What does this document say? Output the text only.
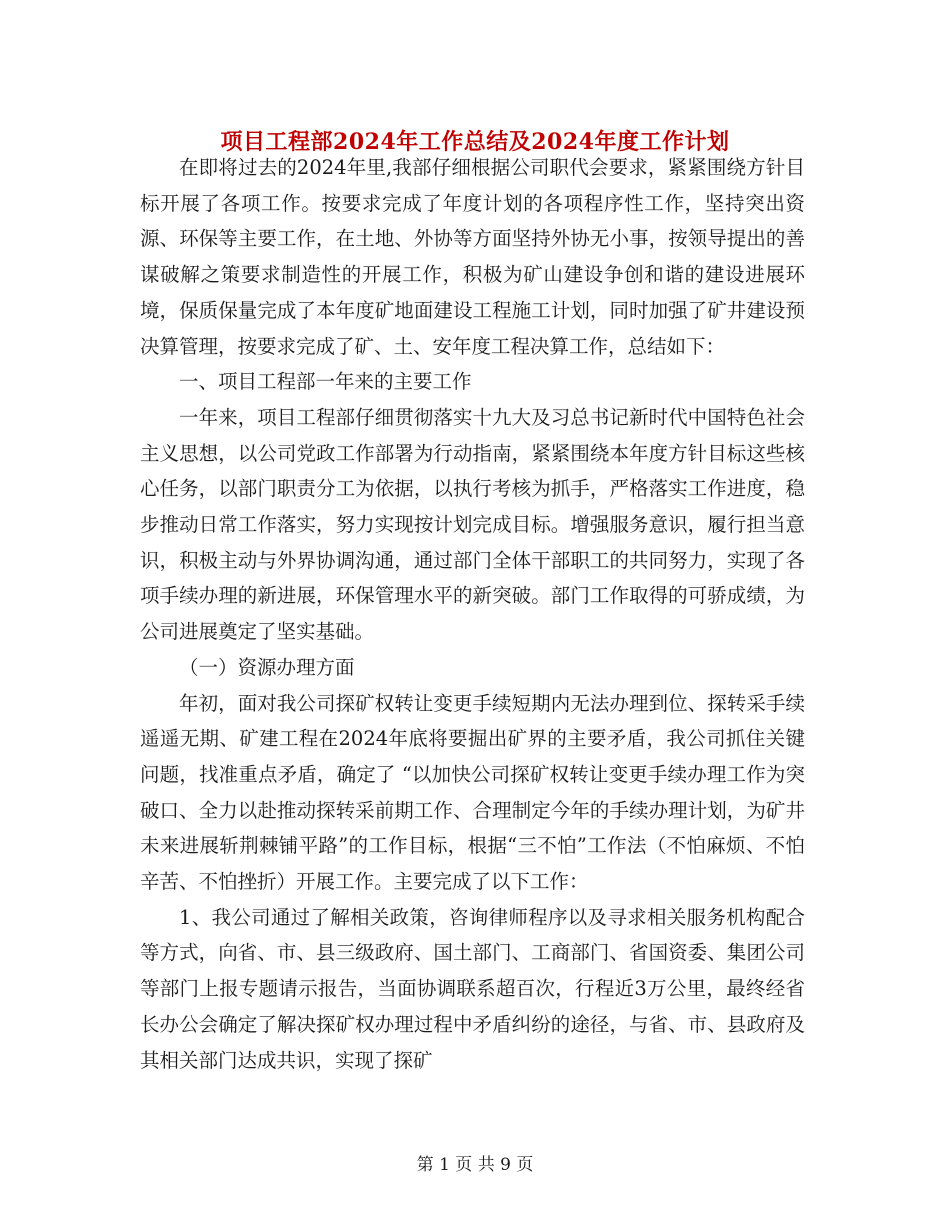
项目工程部2024年工作总结及2024年度工作计划

在即将过去的2024年里,我部仔细根据公司职代会要求，紧紧围绕方针目标开展了各项工作。按要求完成了年度计划的各项程序性工作，坚持突出资源、环保等主要工作，在土地、外协等方面坚持外协无小事，按领导提出的善谋破解之策要求制造性的开展工作，积极为矿山建设争创和谐的建设进展环境，保质保量完成了本年度矿地面建设工程施工计划，同时加强了矿井建设预决算管理，按要求完成了矿、土、安年度工程决算工作，总结如下：

一、项目工程部一年来的主要工作

一年来，项目工程部仔细贯彻落实十九大及习总书记新时代中国特色社会主义思想，以公司党政工作部署为行动指南，紧紧围绕本年度方针目标这些核心任务，以部门职责分工为依据，以执行考核为抓手，严格落实工作进度，稳步推动日常工作落实，努力实现按计划完成目标。增强服务意识，履行担当意识，积极主动与外界协调沟通，通过部门全体干部职工的共同努力，实现了各项手续办理的新进展，环保管理水平的新突破。部门工作取得的可骄成绩，为公司进展奠定了坚实基础。

（一）资源办理方面

年初，面对我公司探矿权转让变更手续短期内无法办理到位、探转采手续遥遥无期、矿建工程在2024年底将要掘出矿界的主要矛盾，我公司抓住关键问题，找准重点矛盾，确定了 “以加快公司探矿权转让变更手续办理工作为突破口、全力以赴推动探转采前期工作、合理制定今年的手续办理计划，为矿井未来进展斩荆棘铺平路”的工作目标，根据“三不怕”工作法（不怕麻烦、不怕辛苦、不怕挫折）开展工作。主要完成了以下工作：

1、我公司通过了解相关政策，咨询律师程序以及寻求相关服务机构配合等方式，向省、市、县三级政府、国土部门、工商部门、省国资委、集团公司等部门上报专题请示报告，当面协调联系超百次，行程近3万公里，最终经省长办公会确定了解决探矿权办理过程中矛盾纠纷的途径，与省、市、县政府及其相关部门达成共识，实现了探矿

第 1 页 共 9 页
